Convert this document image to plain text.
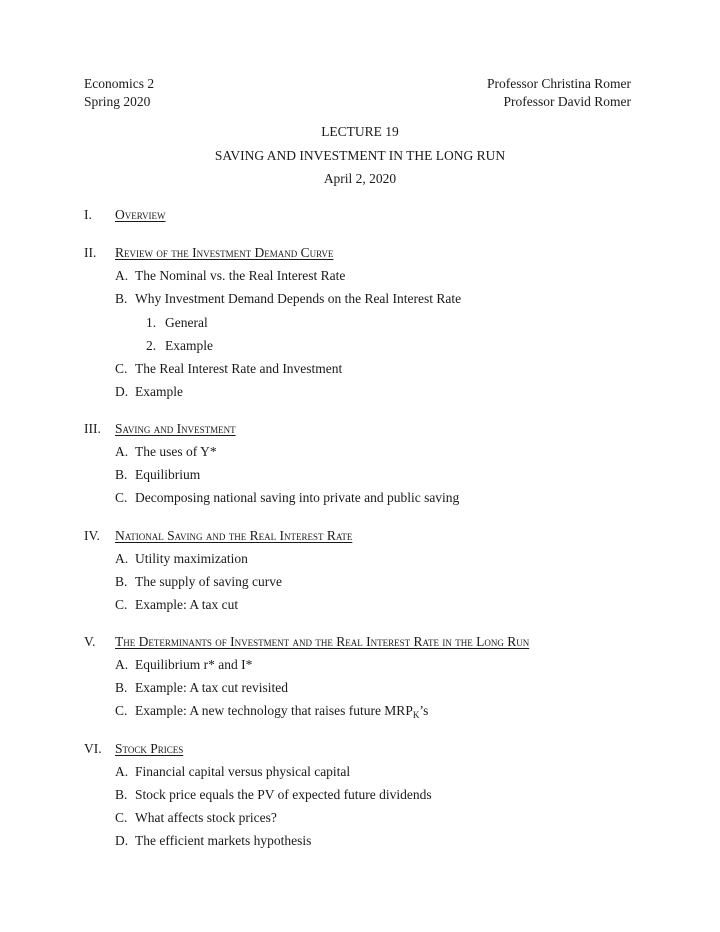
Economics 2
Spring 2020
Professor Christina Romer
Professor David Romer
LECTURE 19
SAVING AND INVESTMENT IN THE LONG RUN
April 2, 2020
I. Overview
II. Review of the Investment Demand Curve
A. The Nominal vs. the Real Interest Rate
B. Why Investment Demand Depends on the Real Interest Rate
1. General
2. Example
C. The Real Interest Rate and Investment
D. Example
III. Saving and Investment
A. The uses of Y*
B. Equilibrium
C. Decomposing national saving into private and public saving
IV. National Saving and the Real Interest Rate
A. Utility maximization
B. The supply of saving curve
C. Example: A tax cut
V. The Determinants of Investment and the Real Interest Rate in the Long Run
A. Equilibrium r* and I*
B. Example: A tax cut revisited
C. Example: A new technology that raises future $MRP_K’s$
VI. Stock Prices
A. Financial capital versus physical capital
B. Stock price equals the PV of expected future dividends
C. What affects stock prices?
D. The efficient markets hypothesis
